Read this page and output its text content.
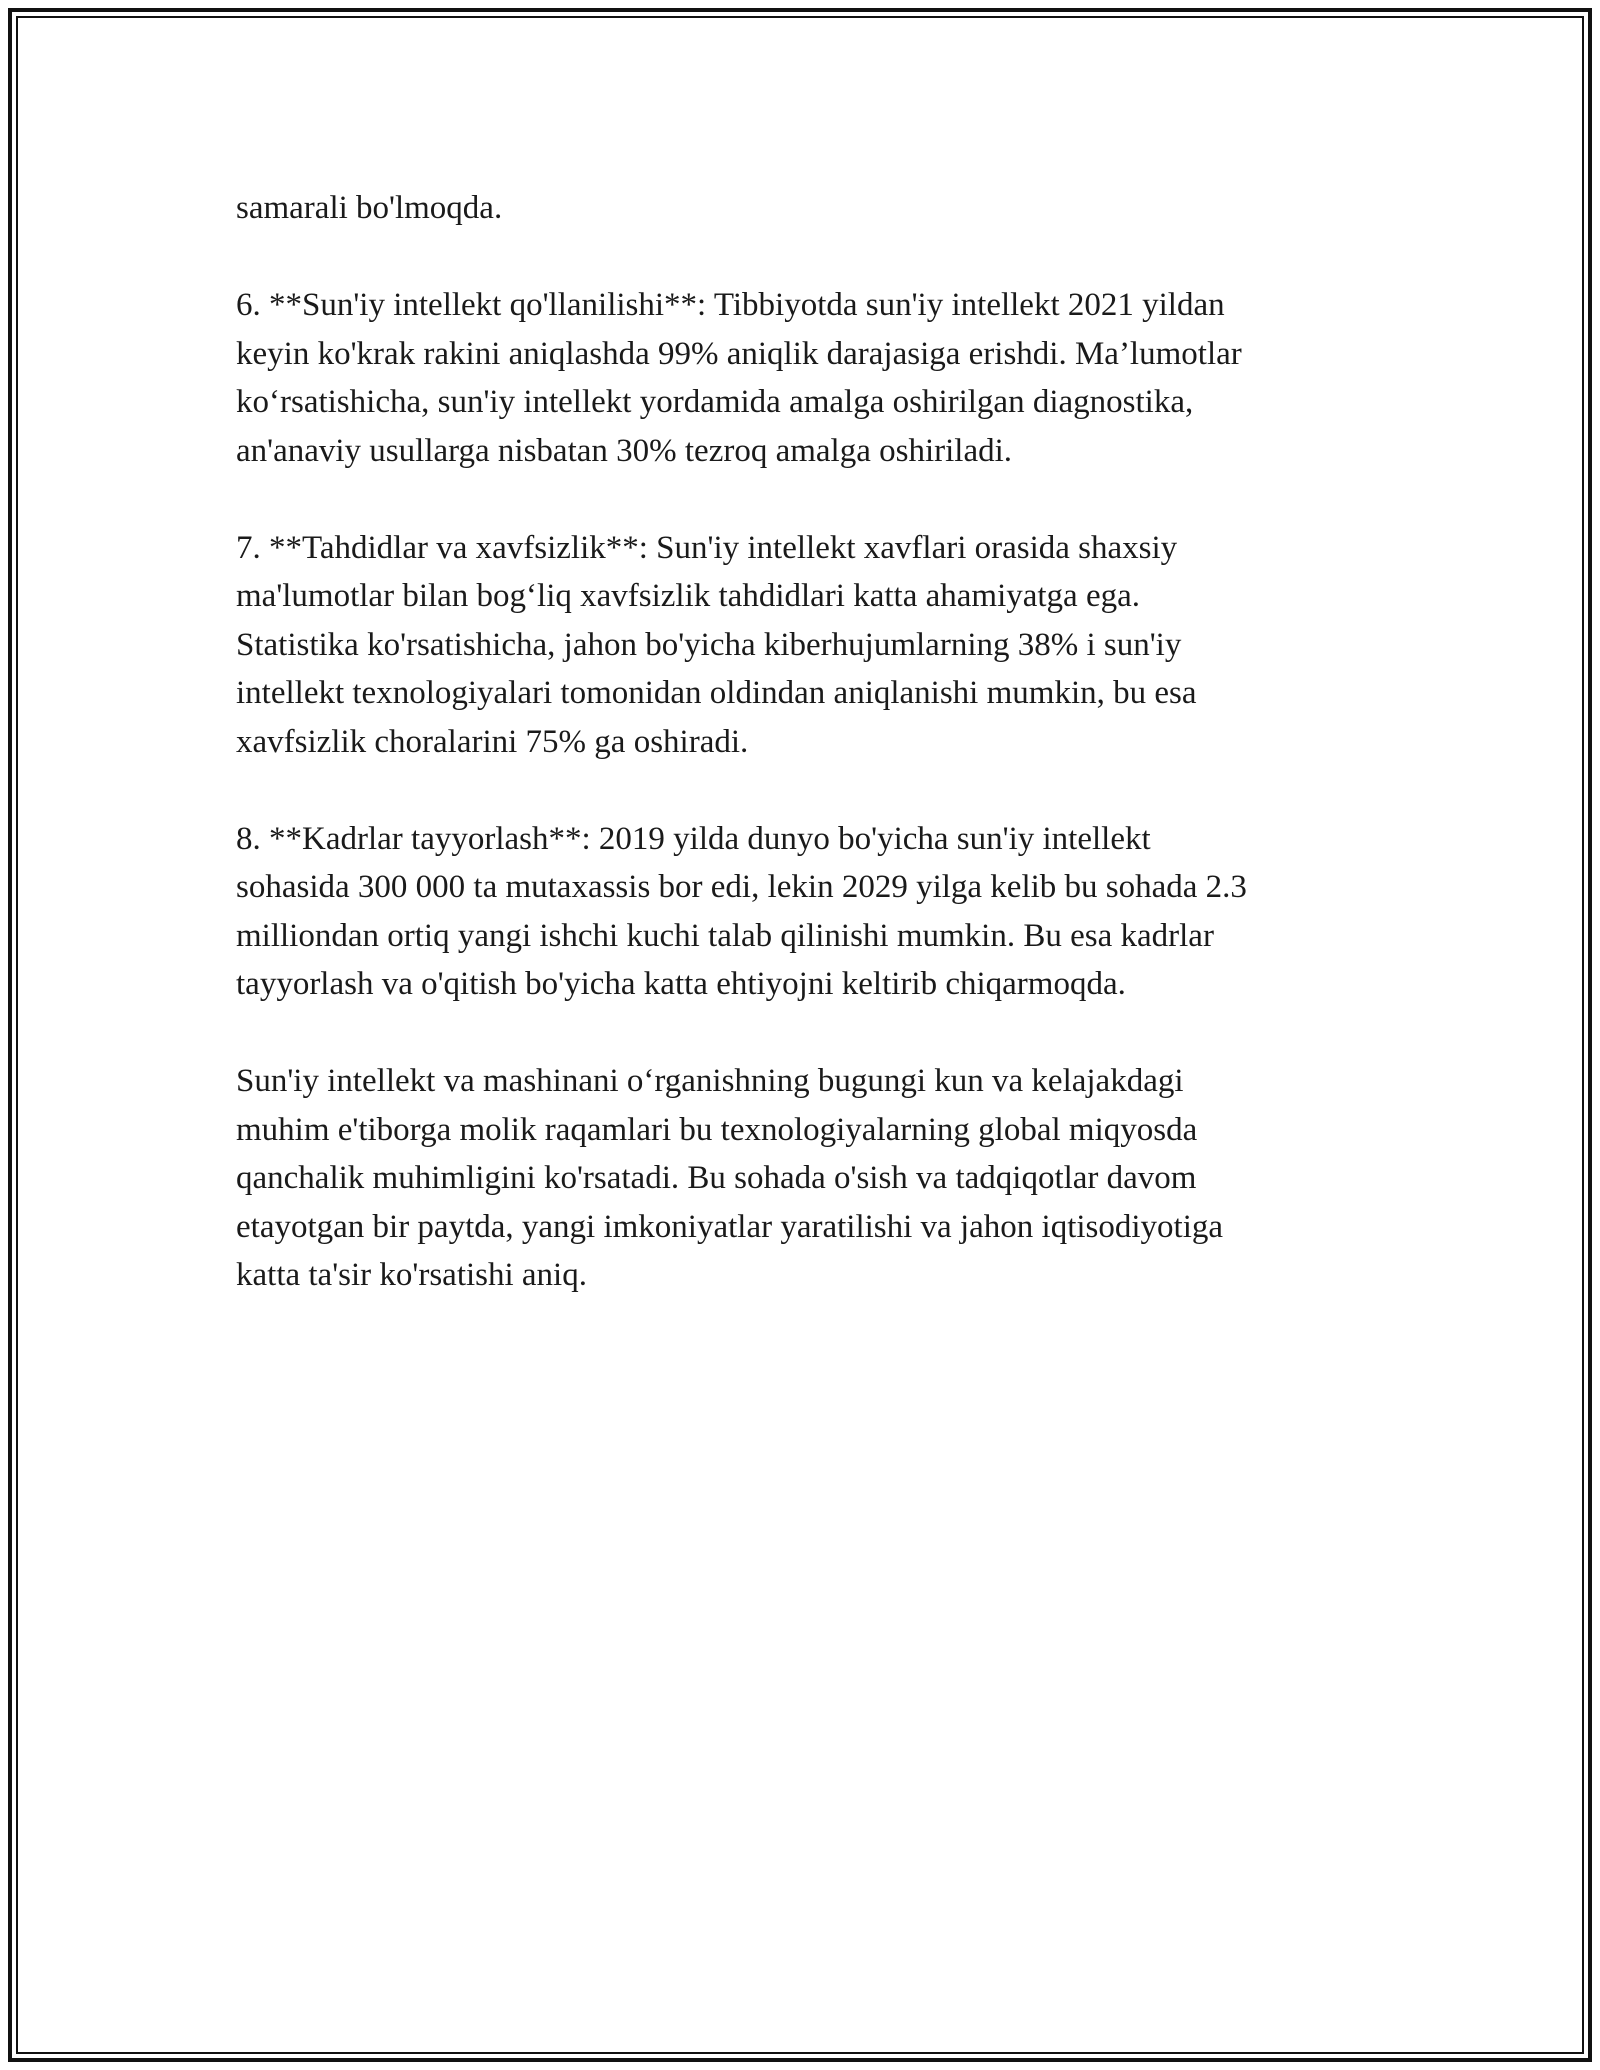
samarali bo'lmoqda.

6. **Sun'iy intellekt qo'llanilishi**: Tibbiyotda sun'iy intellekt 2021 yildan
keyin ko'krak rakini aniqlashda 99% aniqlik darajasiga erishdi. Ma’lumotlar
ko‘rsatishicha, sun'iy intellekt yordamida amalga oshirilgan diagnostika,
an'anaviy usullarga nisbatan 30% tezroq amalga oshiriladi.

7. **Tahdidlar va xavfsizlik**: Sun'iy intellekt xavflari orasida shaxsiy
ma'lumotlar bilan bog‘liq xavfsizlik tahdidlari katta ahamiyatga ega.
Statistika ko'rsatishicha, jahon bo'yicha kiberhujumlarning 38% i sun'iy
intellekt texnologiyalari tomonidan oldindan aniqlanishi mumkin, bu esa
xavfsizlik choralarini 75% ga oshiradi.

8. **Kadrlar tayyorlash**: 2019 yilda dunyo bo'yicha sun'iy intellekt
sohasida 300 000 ta mutaxassis bor edi, lekin 2029 yilga kelib bu sohada 2.3
milliondan ortiq yangi ishchi kuchi talab qilinishi mumkin. Bu esa kadrlar
tayyorlash va o'qitish bo'yicha katta ehtiyojni keltirib chiqarmoqda.

Sun'iy intellekt va mashinani o‘rganishning bugungi kun va kelajakdagi
muhim e'tiborga molik raqamlari bu texnologiyalarning global miqyosda
qanchalik muhimligini ko'rsatadi. Bu sohada o'sish va tadqiqotlar davom
etayotgan bir paytda, yangi imkoniyatlar yaratilishi va jahon iqtisodiyotiga
katta ta'sir ko'rsatishi aniq.
